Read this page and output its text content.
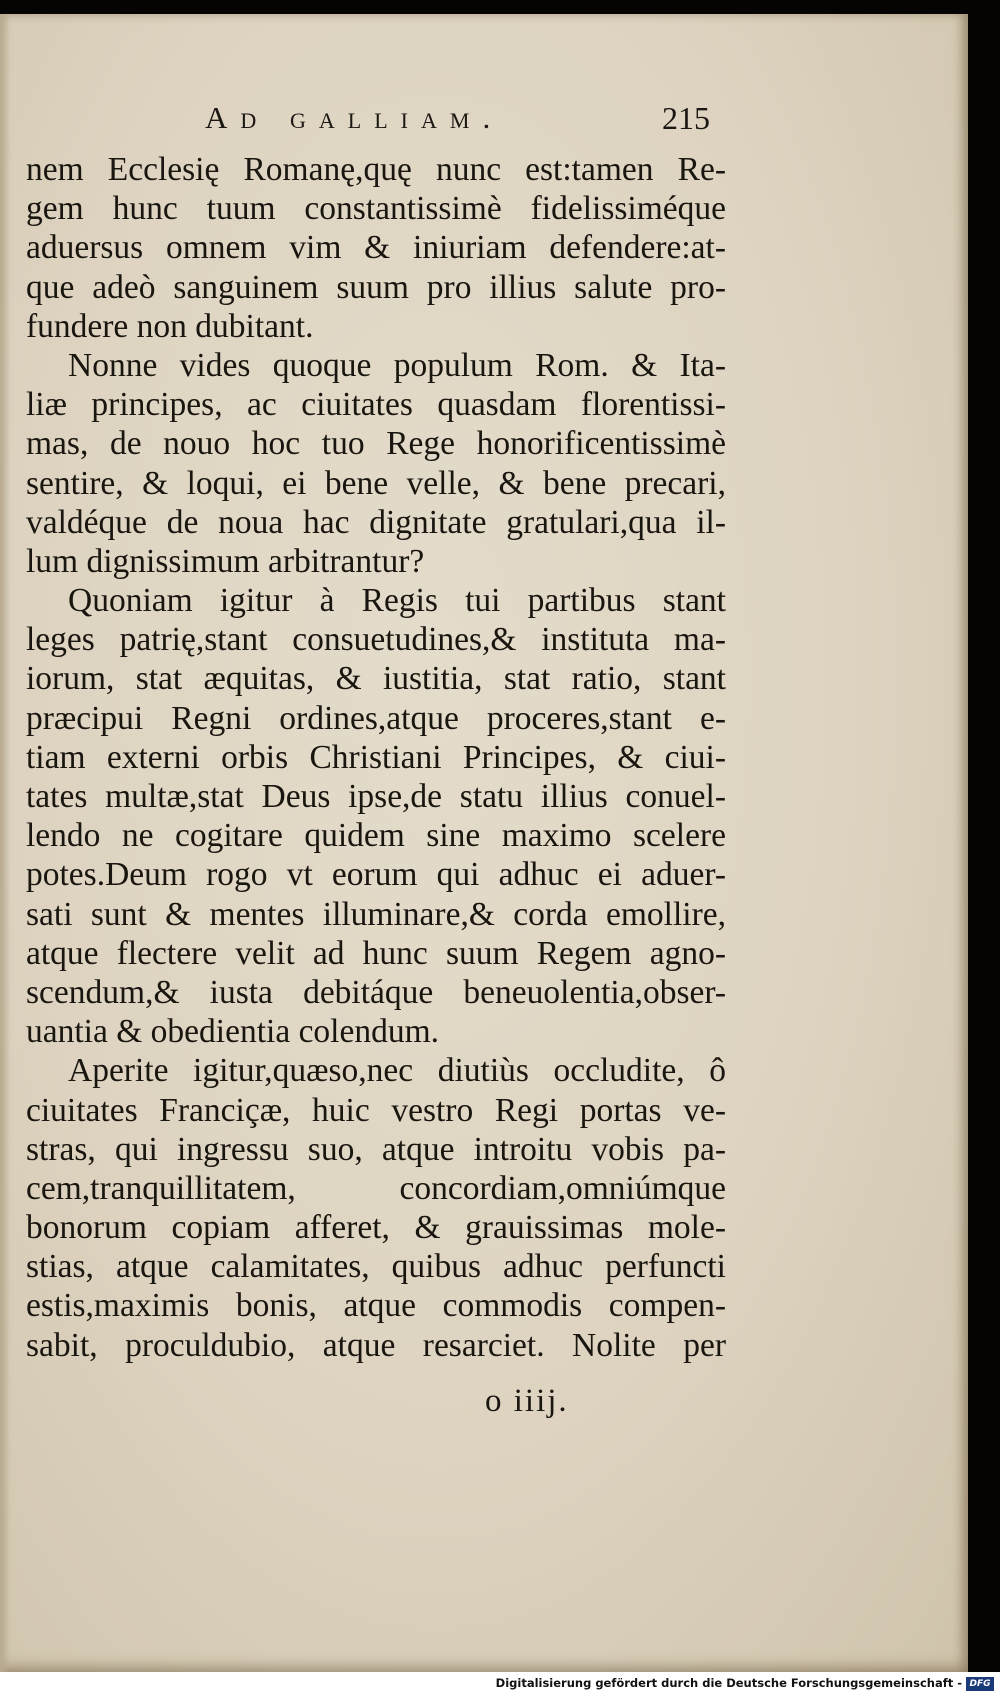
Ad galliam.	215
nem Ecclesię Romanę,quę nunc est:tamen Re-
gem hunc tuum constantissimè fidelissiméque
aduersus omnem vim & iniuriam defendere:at-
que adeò sanguinem suum pro illius salute pro-
fundere non dubitant.
Nonne vides quoque populum Rom. & Ita-
liæ principes, ac ciuitates quasdam florentissi-
mas, de nouo hoc tuo Rege honorificentissimè
sentire, & loqui, ei bene velle, & bene precari,
valdéque de noua hac dignitate gratulari,qua il-
lum dignissimum arbitrantur?
Quoniam igitur à Regis tui partibus stant
leges patrię,stant consuetudines,& instituta ma-
iorum, stat æquitas, & iustitia, stat ratio, stant
præcipui Regni ordines,atque proceres,stant e-
tiam externi orbis Christiani Principes, & ciui-
tates multæ,stat Deus ipse,de statu illius conuel-
lendo ne cogitare quidem sine maximo scelere
potes.Deum rogo vt eorum qui adhuc ei aduer-
sati sunt & mentes illuminare,& corda emollire,
atque flectere velit ad hunc suum Regem agno-
scendum,& iusta debitáque beneuolentia,obser-
uantia & obedientia colendum.
Aperite igitur,quæso,nec diutiùs occludite, ô
ciuitates Franciçæ, huic vestro Regi portas ve-
stras, qui ingressu suo, atque introitu vobis pa-
cem,tranquillitatem, concordiam,omniúmque
bonorum copiam afferet, & grauissimas mole-
stias, atque calamitates, quibus adhuc perfuncti
estis,maximis bonis, atque commodis compen-
sabit, proculdubio, atque resarciet. Nolite per
o iiij.
Digitalisierung gefördert durch die Deutsche Forschungsgemeinschaft - DFG
